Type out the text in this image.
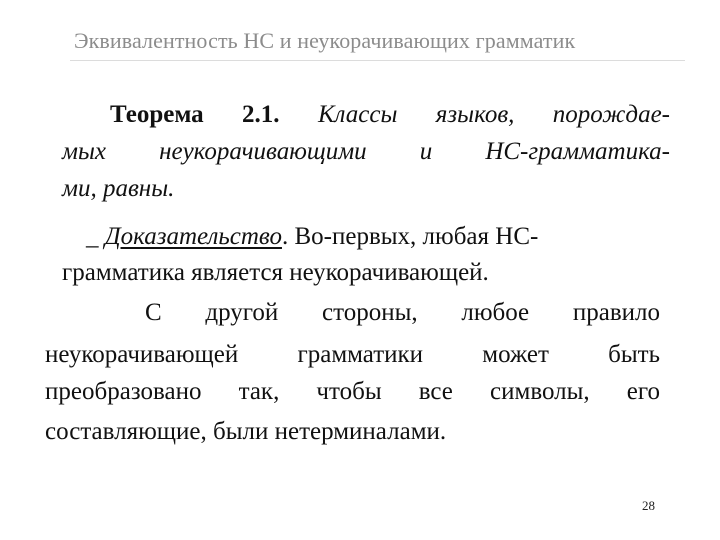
Эквивалентность НС и неукорачивающих грамматик
Теорема 2.1. Классы языков, порождае-
мых неукорачивающими и НС-грамматика-
ми, равны.
_ Доказательство. Во-первых, любая НС-
грамматика является неукорачивающей.
С другой стороны, любое правило
неукорачивающей грамматики может быть
преобразовано так, чтобы все символы, его
составляющие, были нетерминалами.
28
